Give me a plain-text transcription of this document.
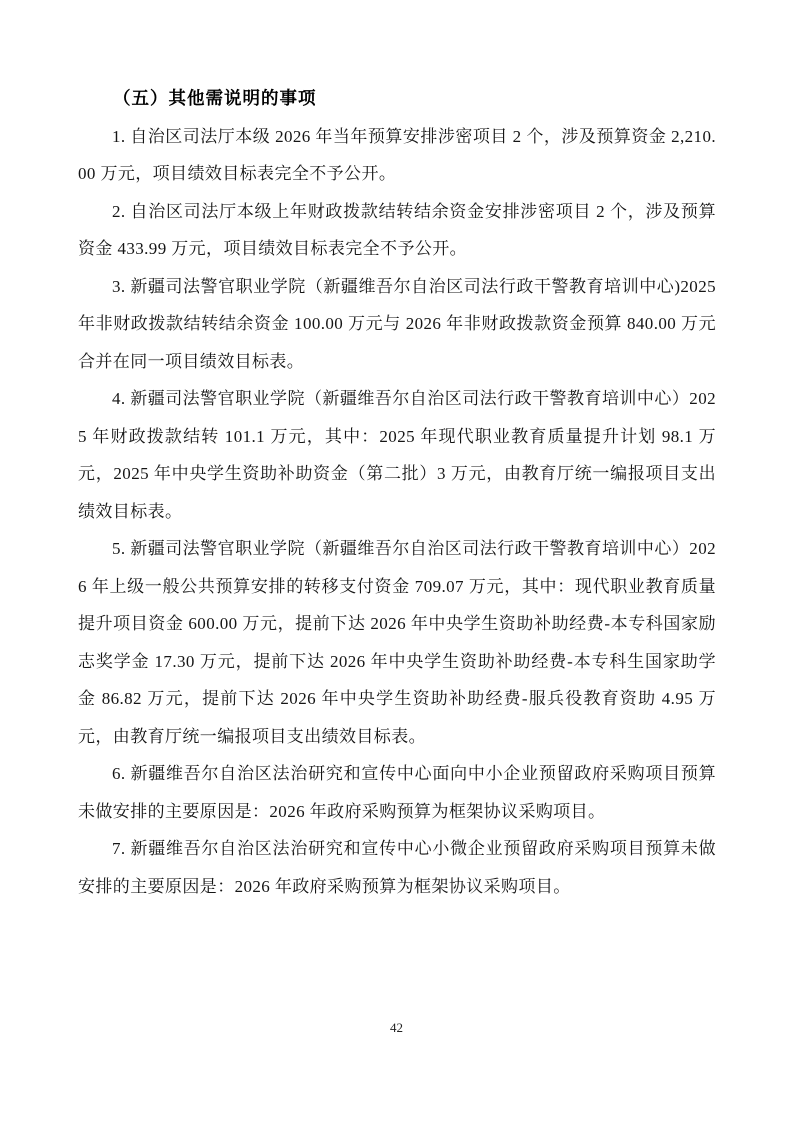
（五）其他需说明的事项

1. 自治区司法厅本级 2026 年当年预算安排涉密项目 2 个，涉及预算资金 2,210.00 万元，项目绩效目标表完全不予公开。

2. 自治区司法厅本级上年财政拨款结转结余资金安排涉密项目 2 个，涉及预算资金 433.99 万元，项目绩效目标表完全不予公开。

3. 新疆司法警官职业学院（新疆维吾尔自治区司法行政干警教育培训中心)2025 年非财政拨款结转结余资金 100.00 万元与 2026 年非财政拨款资金预算 840.00 万元合并在同一项目绩效目标表。

4. 新疆司法警官职业学院（新疆维吾尔自治区司法行政干警教育培训中心）2025 年财政拨款结转 101.1 万元，其中：2025 年现代职业教育质量提升计划 98.1 万元，2025 年中央学生资助补助资金（第二批）3 万元，由教育厅统一编报项目支出绩效目标表。

5. 新疆司法警官职业学院（新疆维吾尔自治区司法行政干警教育培训中心）2026 年上级一般公共预算安排的转移支付资金 709.07 万元，其中：现代职业教育质量提升项目资金 600.00 万元，提前下达 2026 年中央学生资助补助经费-本专科国家励志奖学金 17.30 万元，提前下达 2026 年中央学生资助补助经费-本专科生国家助学金 86.82 万元，提前下达 2026 年中央学生资助补助经费-服兵役教育资助 4.95 万元，由教育厅统一编报项目支出绩效目标表。

6. 新疆维吾尔自治区法治研究和宣传中心面向中小企业预留政府采购项目预算未做安排的主要原因是：2026 年政府采购预算为框架协议采购项目。

7. 新疆维吾尔自治区法治研究和宣传中心小微企业预留政府采购项目预算未做安排的主要原因是：2026 年政府采购预算为框架协议采购项目。

42
